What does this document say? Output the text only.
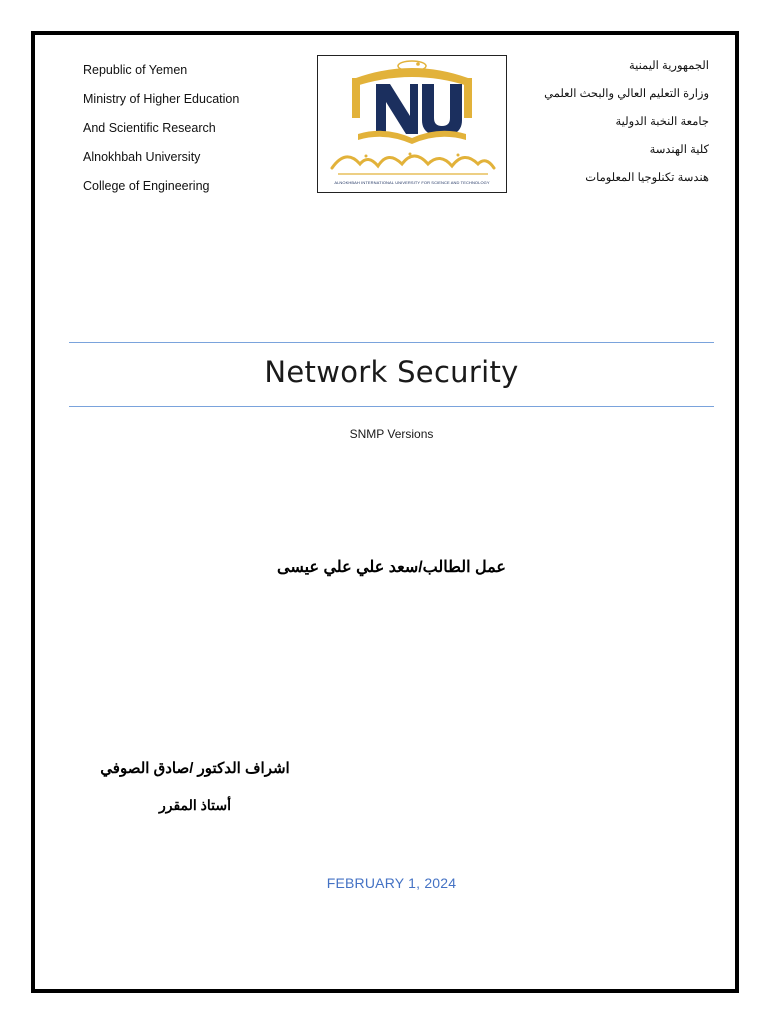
Republic of Yemen
Ministry of Higher Education
And Scientific Research
Alnokhbah University
College of Engineering	ALNOKHBAH INTERNATIONAL UNIVERSITY FOR SCIENCE AND TECHNOLOGY
الجمهورية اليمنية
وزارة التعليم العالي والبحث العلمي
جامعة النخبة الدولية
كلية الهندسة
هندسة تكنلوجيا المعلومات
Network Security
SNMP Versions
عمل الطالب/سعد علي علي عيسى
اشراف الدكتور /صادق الصوفي
أستاذ المقرر
FEBRUARY 1, 2024
